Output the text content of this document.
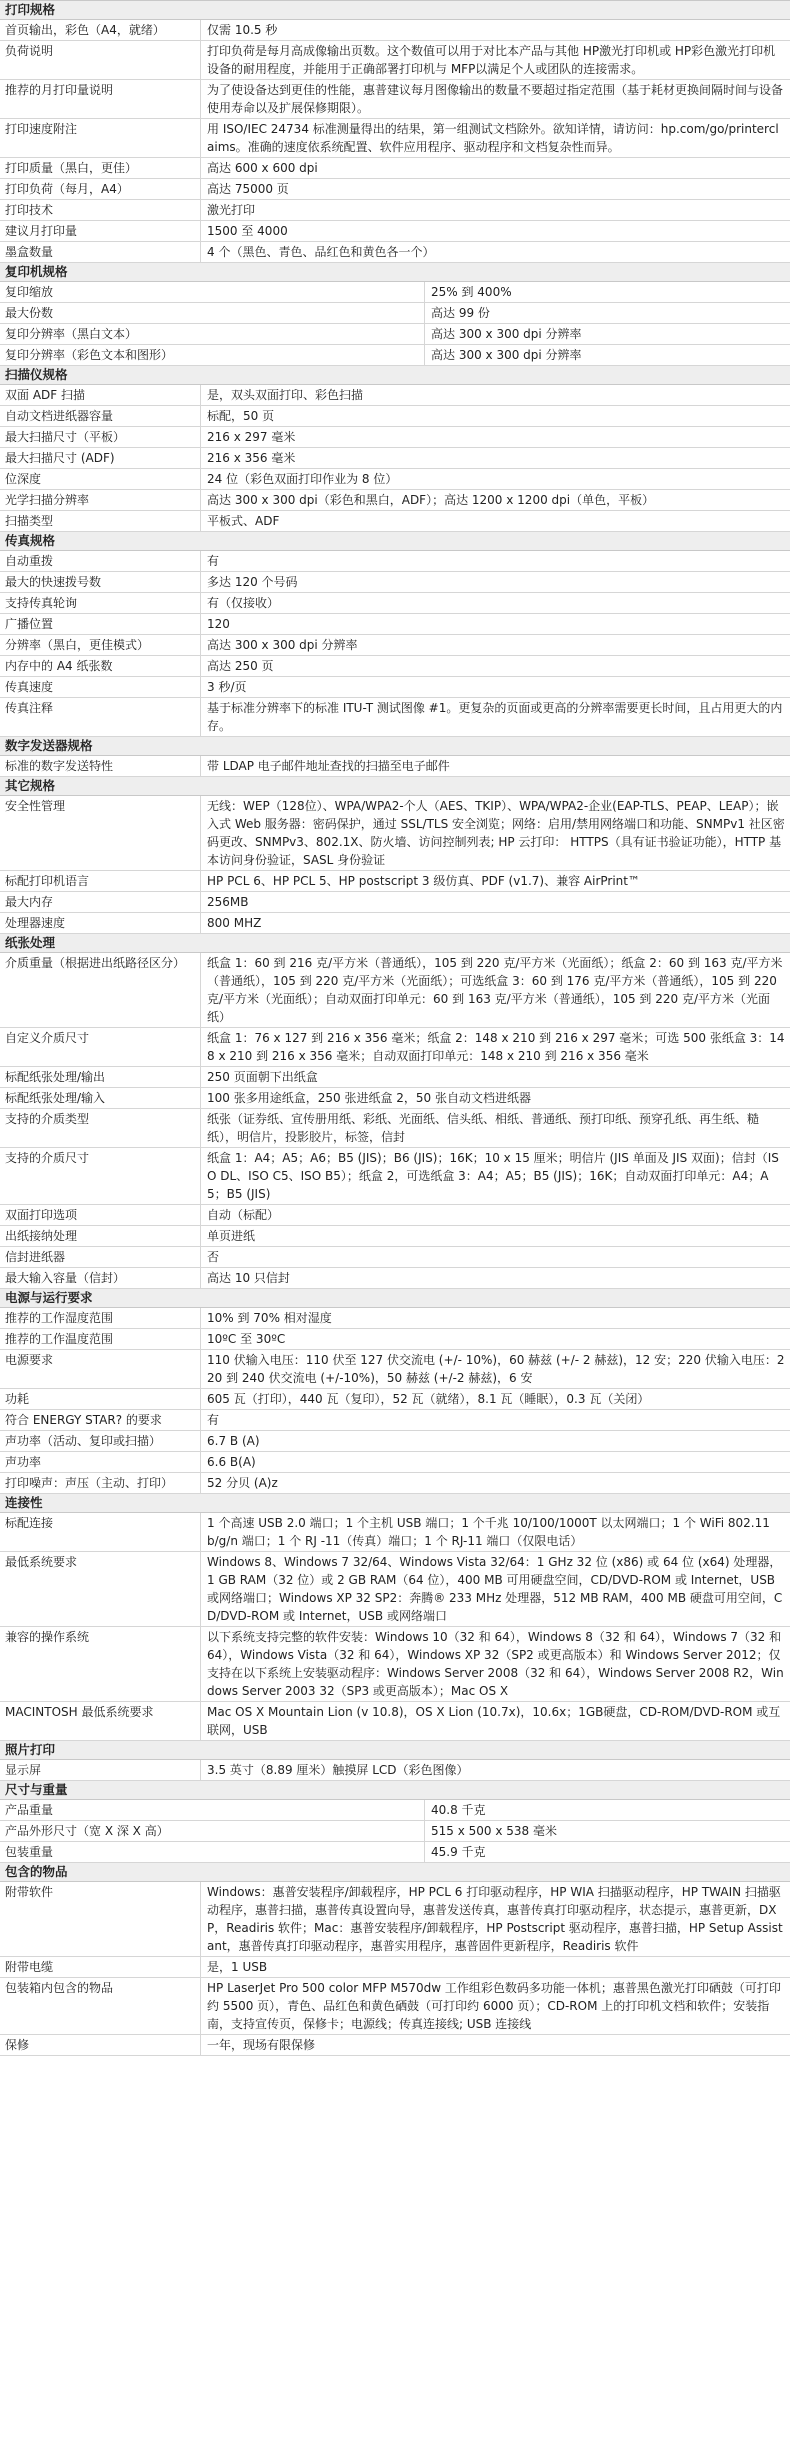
打印规格
首页输出，彩色（A4，就绪）	仅需 10.5 秒
负荷说明	打印负荷是每月高成像输出页数。这个数值可以用于对比本产品与其他 HP激光打印机或 HP彩色激光打印机设备的耐用程度，并能用于正确部署打印机与 MFP以满足个人或团队的连接需求。
推荐的月打印量说明	为了使设备达到更佳的性能，惠普建议每月图像输出的数量不要超过指定范围（基于耗材更换间隔时间与设备使用寿命以及扩展保修期限）。
打印速度附注	用 ISO/IEC 24734 标准测量得出的结果，第一组测试文档除外。欲知详情，请访问：hp.com/go/printerclaims。准确的速度依系统配置、软件应用程序、驱动程序和文档复杂性而异。
打印质量（黑白，更佳）	高达 600 x 600 dpi
打印负荷（每月，A4）	高达 75000 页
打印技术	激光打印
建议月打印量	1500 至 4000
墨盒数量	4 个（黑色、青色、品红色和黄色各一个）
复印机规格
复印缩放	25% 到 400%
最大份数	高达 99 份
复印分辨率（黑白文本）	高达 300 x 300 dpi 分辨率
复印分辨率（彩色文本和图形）	高达 300 x 300 dpi 分辨率
扫描仪规格
双面 ADF 扫描	是，双头双面打印、彩色扫描
自动文档进纸器容量	标配，50 页
最大扫描尺寸（平板）	216 x 297 毫米
最大扫描尺寸 (ADF)	216 x 356 毫米
位深度	24 位（彩色双面打印作业为 8 位）
光学扫描分辨率	高达 300 x 300 dpi（彩色和黑白，ADF）；高达 1200 x 1200 dpi（单色，平板）
扫描类型	平板式、ADF
传真规格
自动重拨	有
最大的快速拨号数	多达 120 个号码
支持传真轮询	有（仅接收）
广播位置	120
分辨率（黑白，更佳模式）	高达 300 x 300 dpi 分辨率
内存中的 A4 纸张数	高达 250 页
传真速度	3 秒/页
传真注释	基于标准分辨率下的标准 ITU-T 测试图像 #1。更复杂的页面或更高的分辨率需要更长时间，且占用更大的内存。
数字发送器规格
标准的数字发送特性	带 LDAP 电子邮件地址查找的扫描至电子邮件
其它规格
安全性管理	无线：WEP（128位）、WPA/WPA2-个人（AES、TKIP）、WPA/WPA2-企业(EAP-TLS、PEAP、LEAP）；嵌入式 Web 服务器：密码保护，通过 SSL/TLS 安全浏览；网络：启用/禁用网络端口和功能、SNMPv1 社区密码更改、SNMPv3、802.1X、防火墙、访问控制列表; HP 云打印： HTTPS（具有证书验证功能），HTTP 基本访问身份验证，SASL 身份验证
标配打印机语言	HP PCL 6、HP PCL 5、HP postscript 3 级仿真、PDF (v1.7)、兼容 AirPrint™
最大内存	256MB
处理器速度	800 MHZ
纸张处理
介质重量（根据进出纸路径区分）	纸盒 1：60 到 216 克/平方米（普通纸），105 到 220 克/平方米（光面纸）；纸盒 2：60 到 163 克/平方米（普通纸），105 到 220 克/平方米（光面纸）；可选纸盒 3：60 到 176 克/平方米（普通纸），105 到 220 克/平方米（光面纸）；自动双面打印单元：60 到 163 克/平方米（普通纸），105 到 220 克/平方米（光面纸）
自定义介质尺寸	纸盒 1：76 x 127 到 216 x 356 毫米；纸盒 2：148 x 210 到 216 x 297 毫米；可选 500 张纸盒 3：148 x 210 到 216 x 356 毫米；自动双面打印单元：148 x 210 到 216 x 356 毫米
标配纸张处理/输出	250 页面朝下出纸盒
标配纸张处理/输入	100 张多用途纸盒，250 张进纸盒 2，50 张自动文档进纸器
支持的介质类型	纸张（证券纸、宣传册用纸、彩纸、光面纸、信头纸、相纸、普通纸、预打印纸、预穿孔纸、再生纸、糙纸），明信片，投影胶片，标签，信封
支持的介质尺寸	纸盒 1：A4；A5；A6；B5 (JIS)；B6 (JIS)；16K；10 x 15 厘米；明信片 (JIS 单面及 JIS 双面)；信封（ISO DL、ISO C5、ISO B5）；纸盒 2，可选纸盒 3：A4；A5；B5 (JIS)；16K；自动双面打印单元：A4；A5；B5 (JIS)
双面打印选项	自动（标配）
出纸接纳处理	单页进纸
信封进纸器	否
最大输入容量（信封）	高达 10 只信封
电源与运行要求
推荐的工作湿度范围	10% 到 70% 相对湿度
推荐的工作温度范围	10ºC 至 30ºC
电源要求	110 伏输入电压：110 伏至 127 伏交流电 (+/- 10%)，60 赫兹 (+/- 2 赫兹)，12 安；220 伏输入电压：220 到 240 伏交流电 (+/-10%)，50 赫兹 (+/-2 赫兹)，6 安
功耗	605 瓦（打印），440 瓦（复印），52 瓦（就绪），8.1 瓦（睡眠），0.3 瓦（关闭）
符合 ENERGY STAR? 的要求	有
声功率（活动、复印或扫描）	6.7 B (A)
声功率	6.6 B(A)
打印噪声：声压（主动、打印）	52 分贝 (A)z
连接性
标配连接	1 个高速 USB 2.0 端口；1 个主机 USB 端口；1 个千兆 10/100/1000T 以太网端口；1 个 WiFi 802.11 b/g/n 端口；1 个 RJ -11（传真）端口；1 个 RJ-11 端口（仅限电话）
最低系统要求	Windows 8、Windows 7 32/64、Windows Vista 32/64：1 GHz 32 位 (x86) 或 64 位 (x64) 处理器，1 GB RAM（32 位）或 2 GB RAM（64 位），400 MB 可用硬盘空间，CD/DVD-ROM 或 Internet，USB 或网络端口；Windows XP 32 SP2：奔腾® 233 MHz 处理器，512 MB RAM，400 MB 硬盘可用空间，CD/DVD-ROM 或 Internet，USB 或网络端口
兼容的操作系统	以下系统支持完整的软件安装：Windows 10（32 和 64），Windows 8（32 和 64），Windows 7（32 和 64），Windows Vista（32 和 64），Windows XP 32（SP2 或更高版本）和 Windows Server 2012；仅支持在以下系统上安装驱动程序：Windows Server 2008（32 和 64），Windows Server 2008 R2，Windows Server 2003 32（SP3 或更高版本）；Mac OS X
MACINTOSH 最低系统要求	Mac OS X Mountain Lion (v 10.8)，OS X Lion (10.7x)，10.6x；1GB硬盘，CD-ROM/DVD-ROM 或互联网，USB
照片打印
显示屏	3.5 英寸（8.89 厘米）触摸屏 LCD（彩色图像）
尺寸与重量
产品重量	40.8 千克
产品外形尺寸（宽 X 深 X 高）	515 x 500 x 538 毫米
包装重量	45.9 千克
包含的物品
附带软件	Windows：惠普安装程序/卸载程序，HP PCL 6 打印驱动程序，HP WIA 扫描驱动程序，HP TWAIN 扫描驱动程序，惠普扫描，惠普传真设置向导，惠普发送传真，惠普传真打印驱动程序，状态提示，惠普更新，DXP，Readiris 软件；Mac：惠普安装程序/卸载程序，HP Postscript 驱动程序，惠普扫描，HP Setup Assistant，惠普传真打印驱动程序，惠普实用程序，惠普固件更新程序，Readiris 软件
附带电缆	是，1 USB
包装箱内包含的物品	HP LaserJet Pro 500 color MFP M570dw 工作组彩色数码多功能一体机；惠普黑色激光打印硒鼓（可打印约 5500 页），青色、品红色和黄色硒鼓（可打印约 6000 页）；CD-ROM 上的打印机文档和软件；安装指南，支持宣传页，保修卡；电源线；传真连接线; USB 连接线
保修	一年，现场有限保修
